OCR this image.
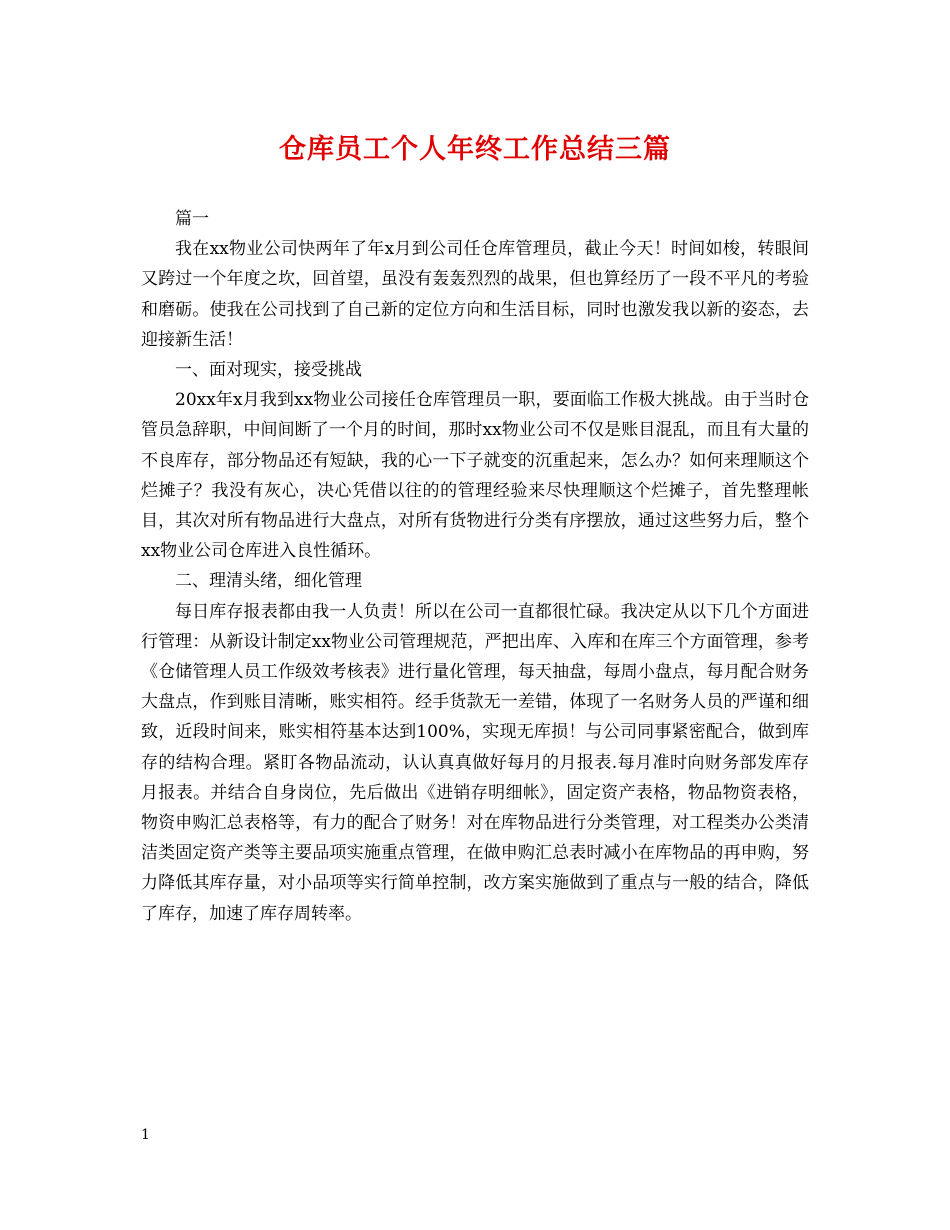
仓库员工个人年终工作总结三篇

篇一

我在xx物业公司快两年了年x月到公司任仓库管理员，截止今天！时间如梭，转眼间又跨过一个年度之坎，回首望，虽没有轰轰烈烈的战果，但也算经历了一段不平凡的考验和磨砺。使我在公司找到了自己新的定位方向和生活目标，同时也激发我以新的姿态，去迎接新生活！

一、面对现实，接受挑战

20xx年x月我到xx物业公司接任仓库管理员一职，要面临工作极大挑战。由于当时仓管员急辞职，中间间断了一个月的时间，那时xx物业公司不仅是账目混乱，而且有大量的不良库存，部分物品还有短缺，我的心一下子就变的沉重起来，怎么办？如何来理顺这个烂摊子？我没有灰心，决心凭借以往的的管理经验来尽快理顺这个烂摊子，首先整理帐目，其次对所有物品进行大盘点，对所有货物进行分类有序摆放，通过这些努力后，整个xx物业公司仓库进入良性循环。

二、理清头绪，细化管理

每日库存报表都由我一人负责！所以在公司一直都很忙碌。我决定从以下几个方面进行管理：从新设计制定xx物业公司管理规范，严把出库、入库和在库三个方面管理，参考《仓储管理人员工作级效考核表》进行量化管理，每天抽盘，每周小盘点，每月配合财务大盘点，作到账目清晰，账实相符。经手货款无一差错，体现了一名财务人员的严谨和细致，近段时间来，账实相符基本达到100%，实现无库损！与公司同事紧密配合，做到库存的结构合理。紧盯各物品流动，认认真真做好每月的月报表.每月准时向财务部发库存月报表。并结合自身岗位，先后做出《进销存明细帐》，固定资产表格，物品物资表格，物资申购汇总表格等，有力的配合了财务！对在库物品进行分类管理，对工程类办公类清洁类固定资产类等主要品项实施重点管理，在做申购汇总表时减小在库物品的再申购，努力降低其库存量，对小品项等实行简单控制，改方案实施做到了重点与一般的结合，降低了库存，加速了库存周转率。

1
